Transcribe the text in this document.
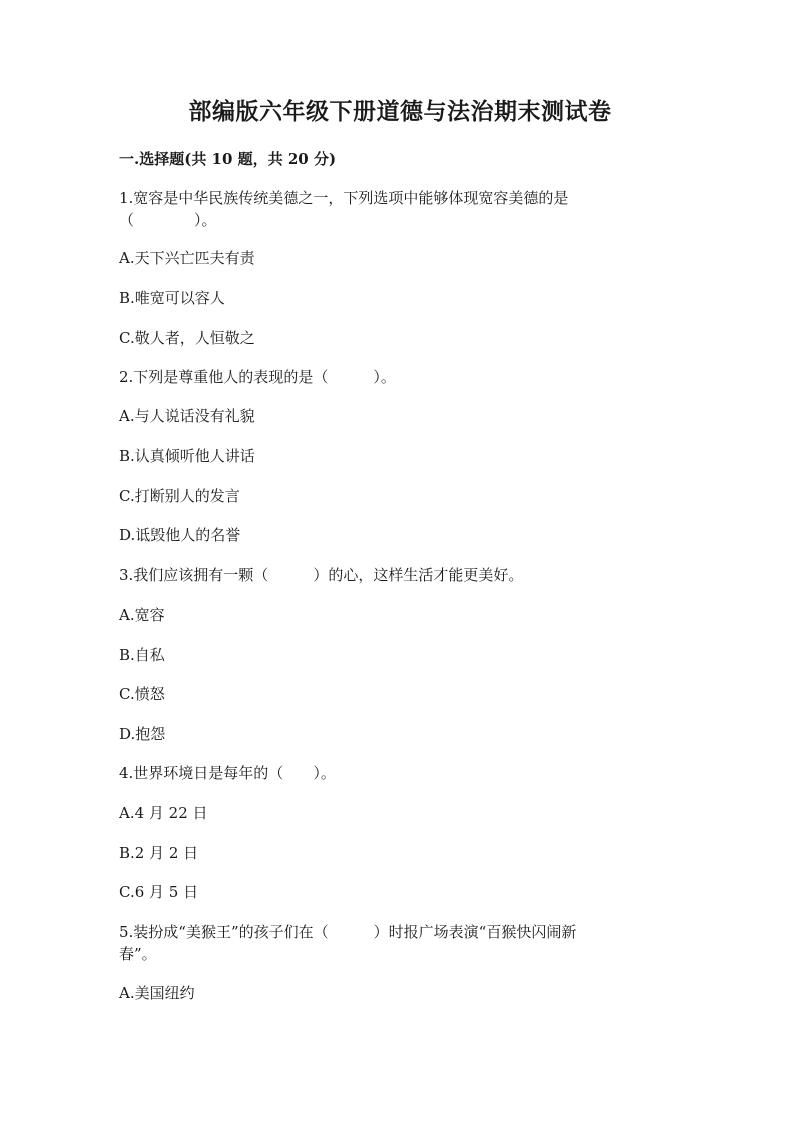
部编版六年级下册道德与法治期末测试卷
一.选择题(共 10 题，共 20 分)

1.宽容是中华民族传统美德之一，下列选项中能够体现宽容美德的是

（　　　　）。

A.天下兴亡匹夫有责

B.唯宽可以容人

C.敬人者，人恒敬之

2.下列是尊重他人的表现的是（　　　）。

A.与人说话没有礼貌

B.认真倾听他人讲话

C.打断别人的发言

D.诋毁他人的名誉

3.我们应该拥有一颗（　　　）的心，这样生活才能更美好。

A.宽容

B.自私

C.愤怒

D.抱怨

4.世界环境日是每年的（　　）。

A.4 月 22 日

B.2 月 2 日

C.6 月 5 日

5.装扮成“美猴王”的孩子们在（　　　）时报广场表演“百猴快闪闹新

春”。

A.美国纽约
